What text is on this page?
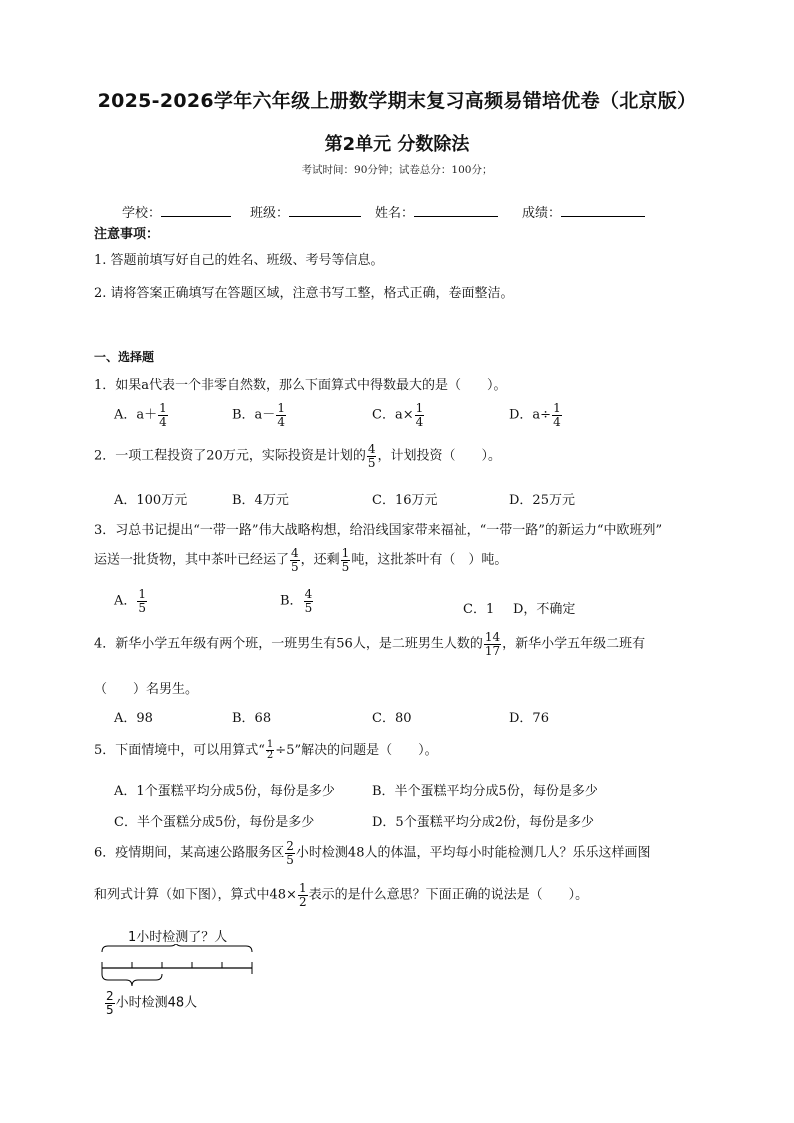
2025-2026学年六年级上册数学期末复习高频易错培优卷（北京版）
第2单元 分数除法
考试时间：90分钟；试卷总分：100分；
学校：	班级：	姓名：	成绩：
注意事项：
1. 答题前填写好自己的姓名、班级、考号等信息。
2. 请将答案正确填写在答题区域，注意书写工整，格式正确，卷面整洁。
一、选择题
1．如果a代表一个非零自然数，那么下面算式中得数最大的是（　　）。
A．$a+ \frac{1}{4}$	B．$a- \frac{1}{4}$	C．$a\times \frac{1}{4}$	D．$a\div \frac{1}{4}$
2．一项工程投资了20万元，实际投资是计划的 $\frac{4}{5}$ ，计划投资（　　）。
A．100万元	B．4万元	C．16万元	D．25万元
3．习总书记提出“一带一路”伟大战略构想，给沿线国家带来福祉，“一带一路”的新运力“中欧班列”
运送一批货物，其中茶叶已经运了 $\frac{4}{5}$ ，还剩 $\frac{1}{5}$ 吨，这批茶叶有（　）吨。
A． $\frac{1}{5}$	B． $\frac{4}{5}$	C．1 D，不确定
4．新华小学五年级有两个班，一班男生有56人，是二班男生人数的 $\frac{14}{17}$ ，新华小学五年级二班有
（　　）名男生。
A．98	B．68	C．80	D．76
5．下面情境中，可以用算式“ $\frac{1}{2} \div 5$”解决的问题是（　　）。
A．1个蛋糕平均分成5份，每份是多少	B．半个蛋糕平均分成5份，每份是多少
C．半个蛋糕分成5份，每份是多少	D．5个蛋糕平均分成2份，每份是多少
6．疫情期间，某高速公路服务区 $\frac{2}{5}$ 小时检测48人的体温，平均每小时能检测几人？乐乐这样画图
和列式计算（如下图），算式中$48\times \frac{1}{2}$ 表示的是什么意思？下面正确的说法是（　　）。
1小时检测了？人
$\frac{2}{5}$ 小时检测48人
